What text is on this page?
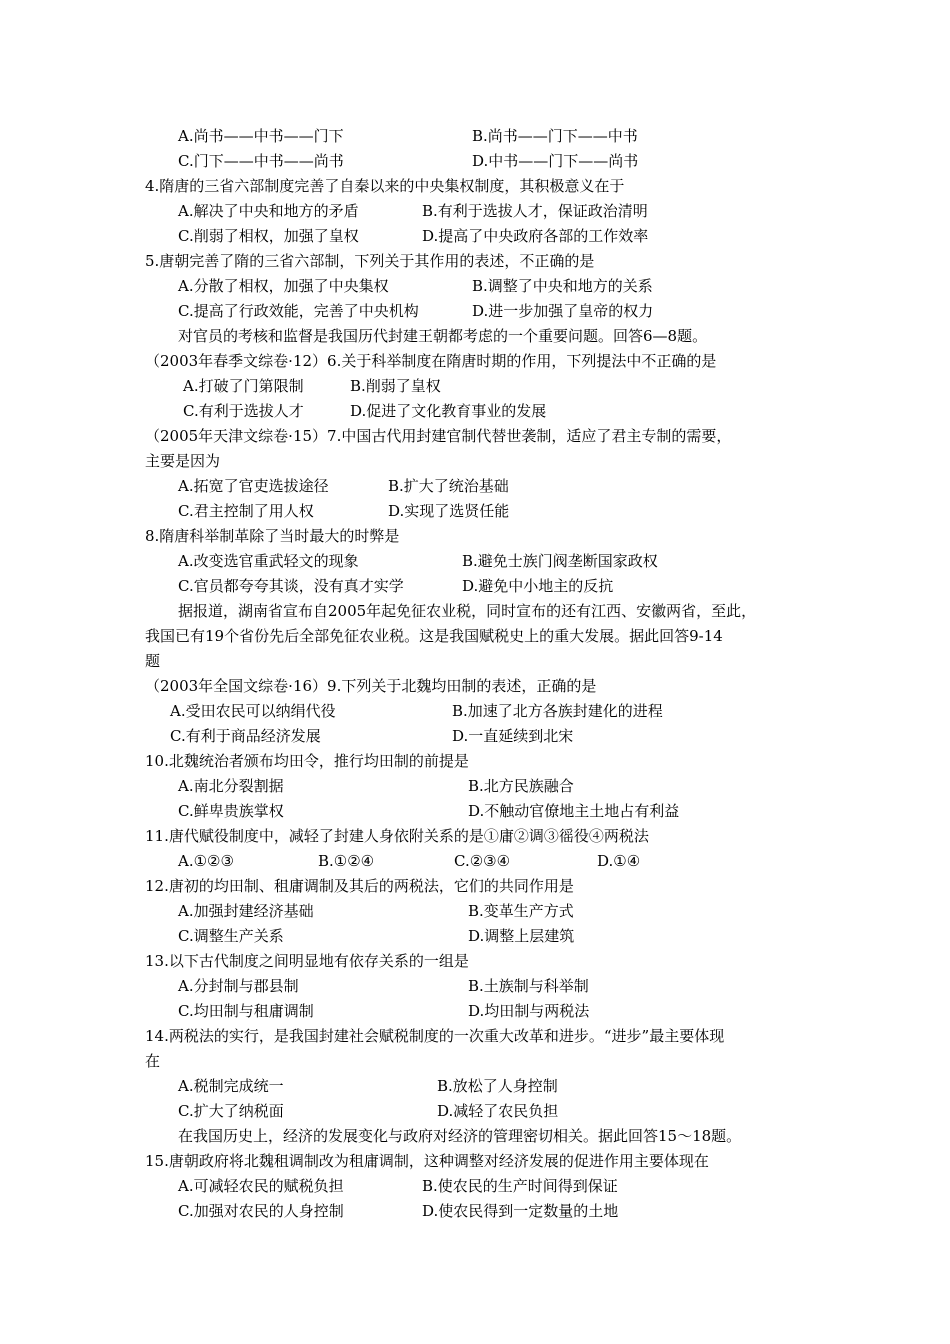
A.尚书——中书——门下	B.尚书——门下——中书
C.门下——中书——尚书	D.中书——门下——尚书
4.隋唐的三省六部制度完善了自秦以来的中央集权制度，其积极意义在于
A.解决了中央和地方的矛盾	B.有利于选拔人才，保证政治清明
C.削弱了相权，加强了皇权	D.提高了中央政府各部的工作效率
5.唐朝完善了隋的三省六部制，下列关于其作用的表述，不正确的是
A.分散了相权，加强了中央集权	B.调整了中央和地方的关系
C.提高了行政效能，完善了中央机构	D.进一步加强了皇帝的权力
对官员的考核和监督是我国历代封建王朝都考虑的一个重要问题。回答6—8题。
（2003年春季文综卷·12）6.关于科举制度在隋唐时期的作用，下列提法中不正确的是
A.打破了门第限制	B.削弱了皇权
C.有利于选拔人才	D.促进了文化教育事业的发展
（2005年天津文综卷·15）7.中国古代用封建官制代替世袭制，适应了君主专制的需要，
主要是因为
A.拓宽了官吏选拔途径	B.扩大了统治基础
C.君主控制了用人权	D.实现了选贤任能
8.隋唐科举制革除了当时最大的时弊是
A.改变选官重武轻文的现象	B.避免士族门阀垄断国家政权
C.官员都夸夸其谈，没有真才实学	D.避免中小地主的反抗
据报道，湖南省宣布自2005年起免征农业税，同时宣布的还有江西、安徽两省，至此，
我国已有19个省份先后全部免征农业税。这是我国赋税史上的重大发展。据此回答9-14
题
（2003年全国文综卷·16）9.下列关于北魏均田制的表述，正确的是
A.受田农民可以纳绢代役	B.加速了北方各族封建化的进程
C.有利于商品经济发展	D.一直延续到北宋
10.北魏统治者颁布均田令，推行均田制的前提是
A.南北分裂割据	B.北方民族融合
C.鲜卑贵族掌权	D.不触动官僚地主土地占有利益
11.唐代赋役制度中，减轻了封建人身依附关系的是①庸②调③徭役④两税法
A.①②③	B.①②④	C.②③④	D.①④
12.唐初的均田制、租庸调制及其后的两税法，它们的共同作用是
A.加强封建经济基础	B.变革生产方式
C.调整生产关系	D.调整上层建筑
13.以下古代制度之间明显地有依存关系的一组是
A.分封制与郡县制	B.土族制与科举制
C.均田制与租庸调制	D.均田制与两税法
14.两税法的实行，是我国封建社会赋税制度的一次重大改革和进步。“进步”最主要体现
在
A.税制完成统一	B.放松了人身控制
C.扩大了纳税面	D.减轻了农民负担
在我国历史上，经济的发展变化与政府对经济的管理密切相关。据此回答15～18题。
15.唐朝政府将北魏租调制改为租庸调制，这种调整对经济发展的促进作用主要体现在
A.可减轻农民的赋税负担	B.使农民的生产时间得到保证
C.加强对农民的人身控制	D.使农民得到一定数量的土地
